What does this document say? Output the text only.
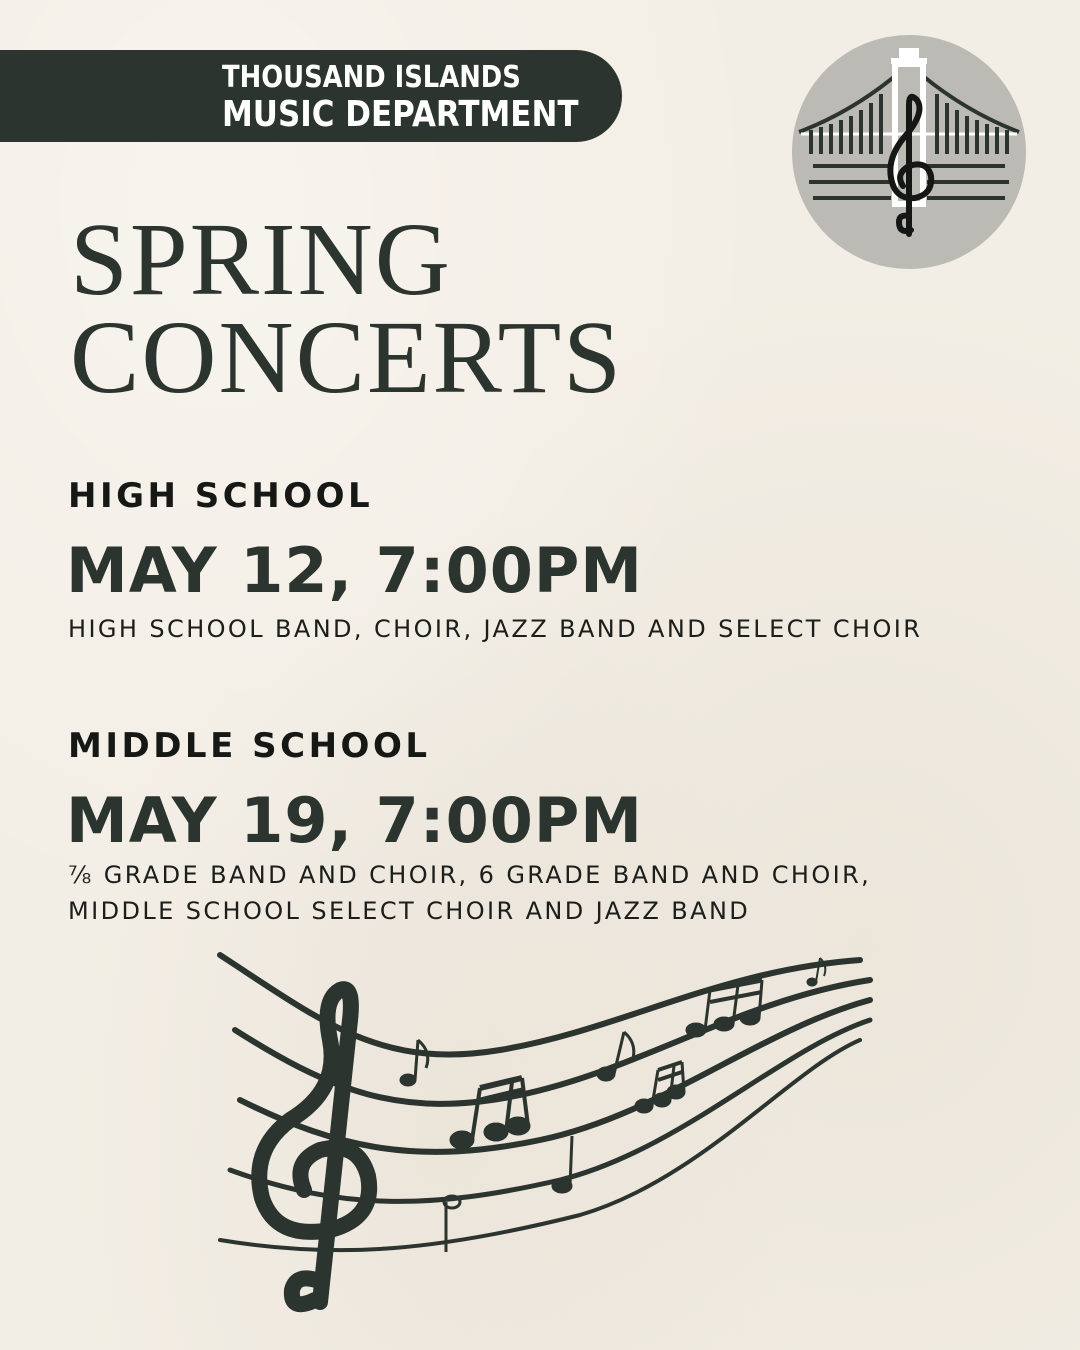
THOUSAND ISLANDS
MUSIC DEPARTMENT
SPRING
CONCERTS
HIGH SCHOOL
MAY 12, 7:00PM
HIGH SCHOOL BAND, CHOIR, JAZZ BAND AND SELECT CHOIR
MIDDLE SCHOOL
MAY 19, 7:00PM
⅞ GRADE BAND AND CHOIR, 6 GRADE BAND AND CHOIR,
MIDDLE SCHOOL SELECT CHOIR AND JAZZ BAND
